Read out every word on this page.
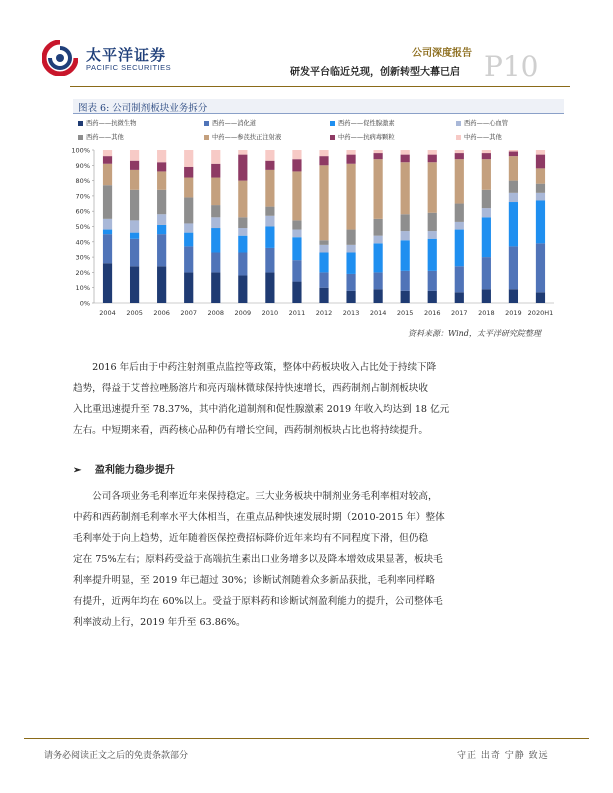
太平洋证券
PACIFIC SECURITIES
公司深度报告
研发平台临近兑现，创新转型大幕已启 P10
图表 6: 公司制剂板块业务拆分
西药——抗微生物	西药——消化道	西药——促性腺激素	西药——心血管
西药——其他	中药——参芪扶正注射液	中药——抗病毒颗粒	中药——其他
0%
10%
20%
30%
40%
50%
60%
70%
80%
90%
100%
2004 2005 2006 2007 2008 2009 2010 2011 2012 2013 2014 2015 2016 2017 2018 2019 2020H1
资料来源：Wind，太平洋研究院整理
　　2016 年后由于中药注射剂重点监控等政策，整体中药板块收入占比处于持续下降
趋势，得益于艾普拉唑肠溶片和亮丙瑞林微球保持快速增长，西药制剂占制剂板块收
入比重迅速提升至 78.37%，其中消化道制剂和促性腺激素 2019 年收入均达到 18 亿元
左右。中短期来看，西药核心品种仍有增长空间，西药制剂板块占比也将持续提升。
➢ 盈利能力稳步提升
　　公司各项业务毛利率近年来保持稳定。三大业务板块中制剂业务毛利率相对较高，
中药和西药制剂毛利率水平大体相当，在重点品种快速发展时期（2010-2015 年）整体
毛利率处于向上趋势，近年随着医保控费招标降价近年来均有不同程度下滑，但仍稳
定在 75%左右；原料药受益于高端抗生素出口业务增多以及降本增效成果显著，板块毛
利率提升明显，至 2019 年已超过 30%；诊断试剂随着众多新品获批，毛利率同样略
有提升，近两年均在 60%以上。受益于原料药和诊断试剂盈利能力的提升，公司整体毛
利率波动上行，2019 年升至 63.86%。
请务必阅读正文之后的免责条款部分	守正 出奇 宁静 致远
